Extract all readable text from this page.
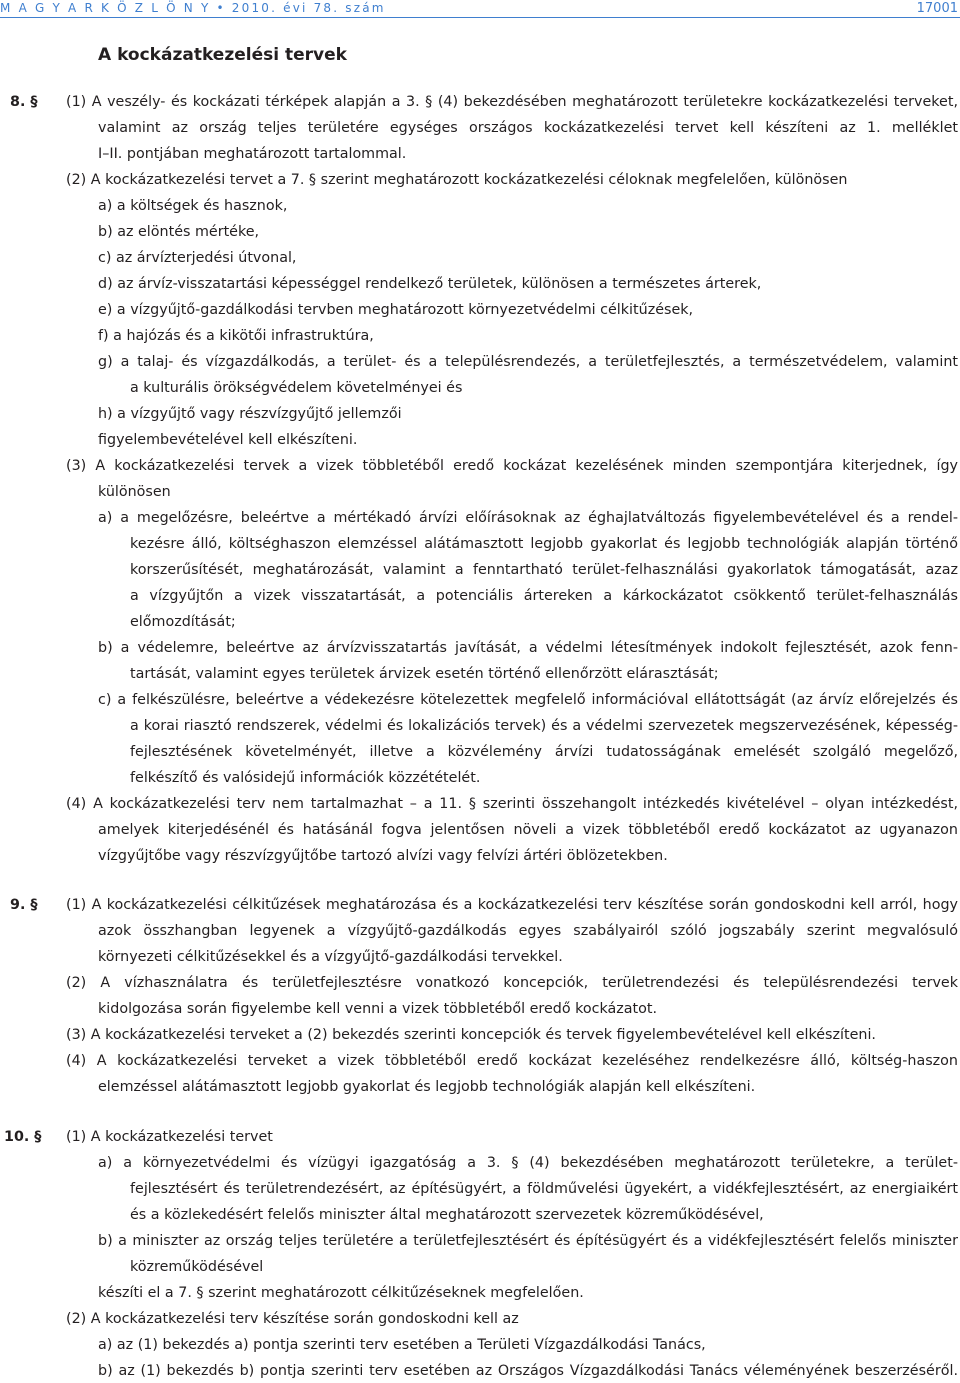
M A G Y A R K Ö Z L Ö N Y • 2010. évi 78. szám	17001
A kockázatkezelési tervek
8. §
9. §
10. §
(1) A veszély- és kockázati térképek alapján a 3. § (4) bekezdésében meghatározott területekre kockázatkezelési terveket,
valamint az ország teljes területére egységes országos kockázatkezelési tervet kell készíteni az 1. melléklet
I–II. pontjában meghatározott tartalommal.
(2) A kockázatkezelési tervet a 7. § szerint meghatározott kockázatkezelési céloknak megfelelően, különösen
a) a költségek és hasznok,
b) az elöntés mértéke,
c) az árvízterjedési útvonal,
d) az árvíz-visszatartási képességgel rendelkező területek, különösen a természetes árterek,
e) a vízgyűjtő-gazdálkodási tervben meghatározott környezetvédelmi célkitűzések,
f) a hajózás és a kikötői infrastruktúra,
g) a talaj- és vízgazdálkodás, a terület- és a településrendezés, a területfejlesztés, a természetvédelem, valamint
a kulturális örökségvédelem követelményei és
h) a vízgyűjtő vagy részvízgyűjtő jellemzői
figyelembevételével kell elkészíteni.
(3) A kockázatkezelési tervek a vizek többletéből eredő kockázat kezelésének minden szempontjára kiterjednek, így
különösen
a) a megelőzésre, beleértve a mértékadó árvízi előírásoknak az éghajlatváltozás figyelembevételével és a rendel-
kezésre álló, költséghaszon elemzéssel alátámasztott legjobb gyakorlat és legjobb technológiák alapján történő
korszerűsítését, meghatározását, valamint a fenntartható terület-felhasználási gyakorlatok támogatását, azaz
a vízgyűjtőn a vizek visszatartását, a potenciális ártereken a kárkockázatot csökkentő terület-felhasználás
előmozdítását;
b) a védelemre, beleértve az árvízvisszatartás javítását, a védelmi létesítmények indokolt fejlesztését, azok fenn-
tartását, valamint egyes területek árvizek esetén történő ellenőrzött elárasztását;
c) a felkészülésre, beleértve a védekezésre kötelezettek megfelelő információval ellátottságát (az árvíz előrejelzés és
a korai riasztó rendszerek, védelmi és lokalizációs tervek) és a védelmi szervezetek megszervezésének, képesség-
fejlesztésének követelményét, illetve a közvélemény árvízi tudatosságának emelését szolgáló megelőző,
felkészítő és valósidejű információk közzétételét.
(4) A kockázatkezelési terv nem tartalmazhat – a 11. § szerinti összehangolt intézkedés kivételével – olyan intézkedést,
amelyek kiterjedésénél és hatásánál fogva jelentősen növeli a vizek többletéből eredő kockázatot az ugyanazon
vízgyűjtőbe vagy részvízgyűjtőbe tartozó alvízi vagy felvízi ártéri öblözetekben.
(1) A kockázatkezelési célkitűzések meghatározása és a kockázatkezelési terv készítése során gondoskodni kell arról, hogy
azok összhangban legyenek a vízgyűjtő-gazdálkodás egyes szabályairól szóló jogszabály szerint megvalósuló
környezeti célkitűzésekkel és a vízgyűjtő-gazdálkodási tervekkel.
(2) A vízhasználatra és területfejlesztésre vonatkozó koncepciók, területrendezési és településrendezési tervek
kidolgozása során figyelembe kell venni a vizek többletéből eredő kockázatot.
(3) A kockázatkezelési terveket a (2) bekezdés szerinti koncepciók és tervek figyelembevételével kell elkészíteni.
(4) A kockázatkezelési terveket a vizek többletéből eredő kockázat kezeléséhez rendelkezésre álló, költség-haszon
elemzéssel alátámasztott legjobb gyakorlat és legjobb technológiák alapján kell elkészíteni.
(1) A kockázatkezelési tervet
a) a környezetvédelmi és vízügyi igazgatóság a 3. § (4) bekezdésében meghatározott területekre, a terület-
fejlesztésért és területrendezésért, az építésügyért, a földművelési ügyekért, a vidékfejlesztésért, az energiaikért
és a közlekedésért felelős miniszter által meghatározott szervezetek közreműködésével,
b) a miniszter az ország teljes területére a területfejlesztésért és építésügyért és a vidékfejlesztésért felelős miniszter
közreműködésével
készíti el a 7. § szerint meghatározott célkitűzéseknek megfelelően.
(2) A kockázatkezelési terv készítése során gondoskodni kell az
a) az (1) bekezdés a) pontja szerinti terv esetében a Területi Vízgazdálkodási Tanács,
b) az (1) bekezdés b) pontja szerinti terv esetében az Országos Vízgazdálkodási Tanács véleményének beszerzéséről.
